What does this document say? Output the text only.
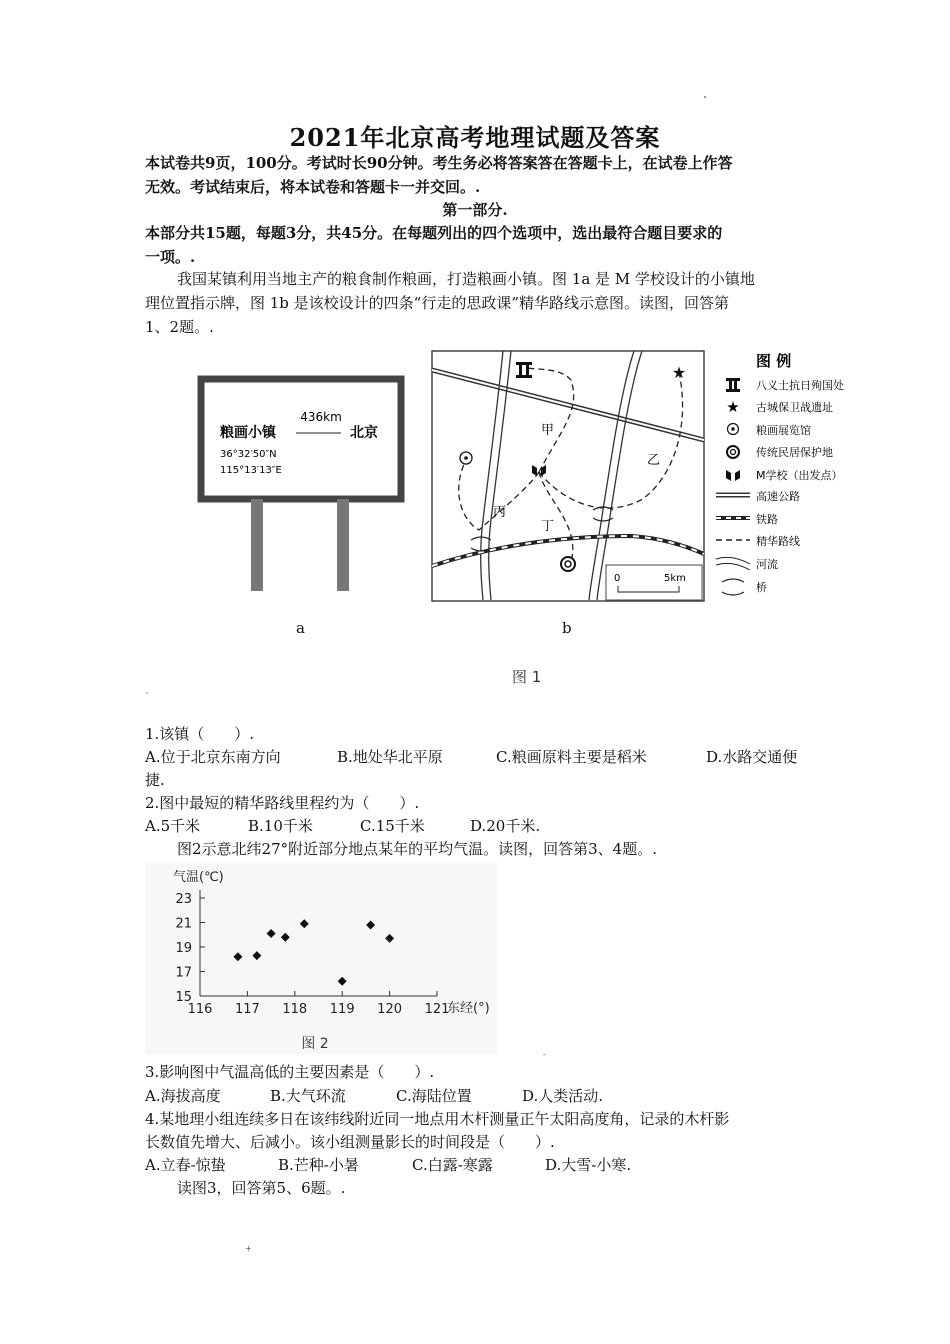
˚
2021年北京高考地理试题及答案
本试卷共9页，100分。考试时长90分钟。考生务必将答案答在答题卡上，在试卷上作答
无效。考试结束后，将本试卷和答题卡一并交回。.
第一部分.
本部分共15题，每题3分，共45分。在每题列出的四个选项中，选出最符合题目要求的
一项。.
我国某镇利用当地主产的粮食制作粮画，打造粮画小镇。图 1a 是 M 学校设计的小镇地
理位置指示牌，图 1b 是该校设计的四条“行走的思政课”精华路线示意图。读图，回答第
1、2题。.
436km
粮画小镇	北京
36°32′50″N
115°13′13″E
★
甲
乙
丙
丁
0	5km
图 例
八义士抗日殉国处
★ 古城保卫战遗址
粮画展览馆
传统民居保护地
M学校（出发点）
高速公路
铁路
精华路线
河流
桥
a	b
图 1
˘
1.该镇（　　）.
A.位于北京东南方向	B.地处华北平原	C.粮画原料主要是稻米	D.水路交通便
捷.
2.图中最短的精华路线里程约为（　　）.
A.5千米	B.10千米	C.15千米	D.20千米.
图2示意北纬27°附近部分地点某年的平均气温。读图，回答第3、4题。.
气温(℃)
东经(°)
图 2
15
17
19
21
23
116 117 118 119 120 121
-
3.影响图中气温高低的主要因素是（　　）.
A.海拔高度	B.大气环流	C.海陆位置	D.人类活动.
4.某地理小组连续多日在该纬线附近同一地点用木杆测量正午太阳高度角，记录的木杆影
长数值先增大、后减小。该小组测量影长的时间段是（　　）.
A.立春-惊蛰	B.芒种-小暑	C.白露-寒露	D.大雪-小寒.
读图3，回答第5、6题。.
+
